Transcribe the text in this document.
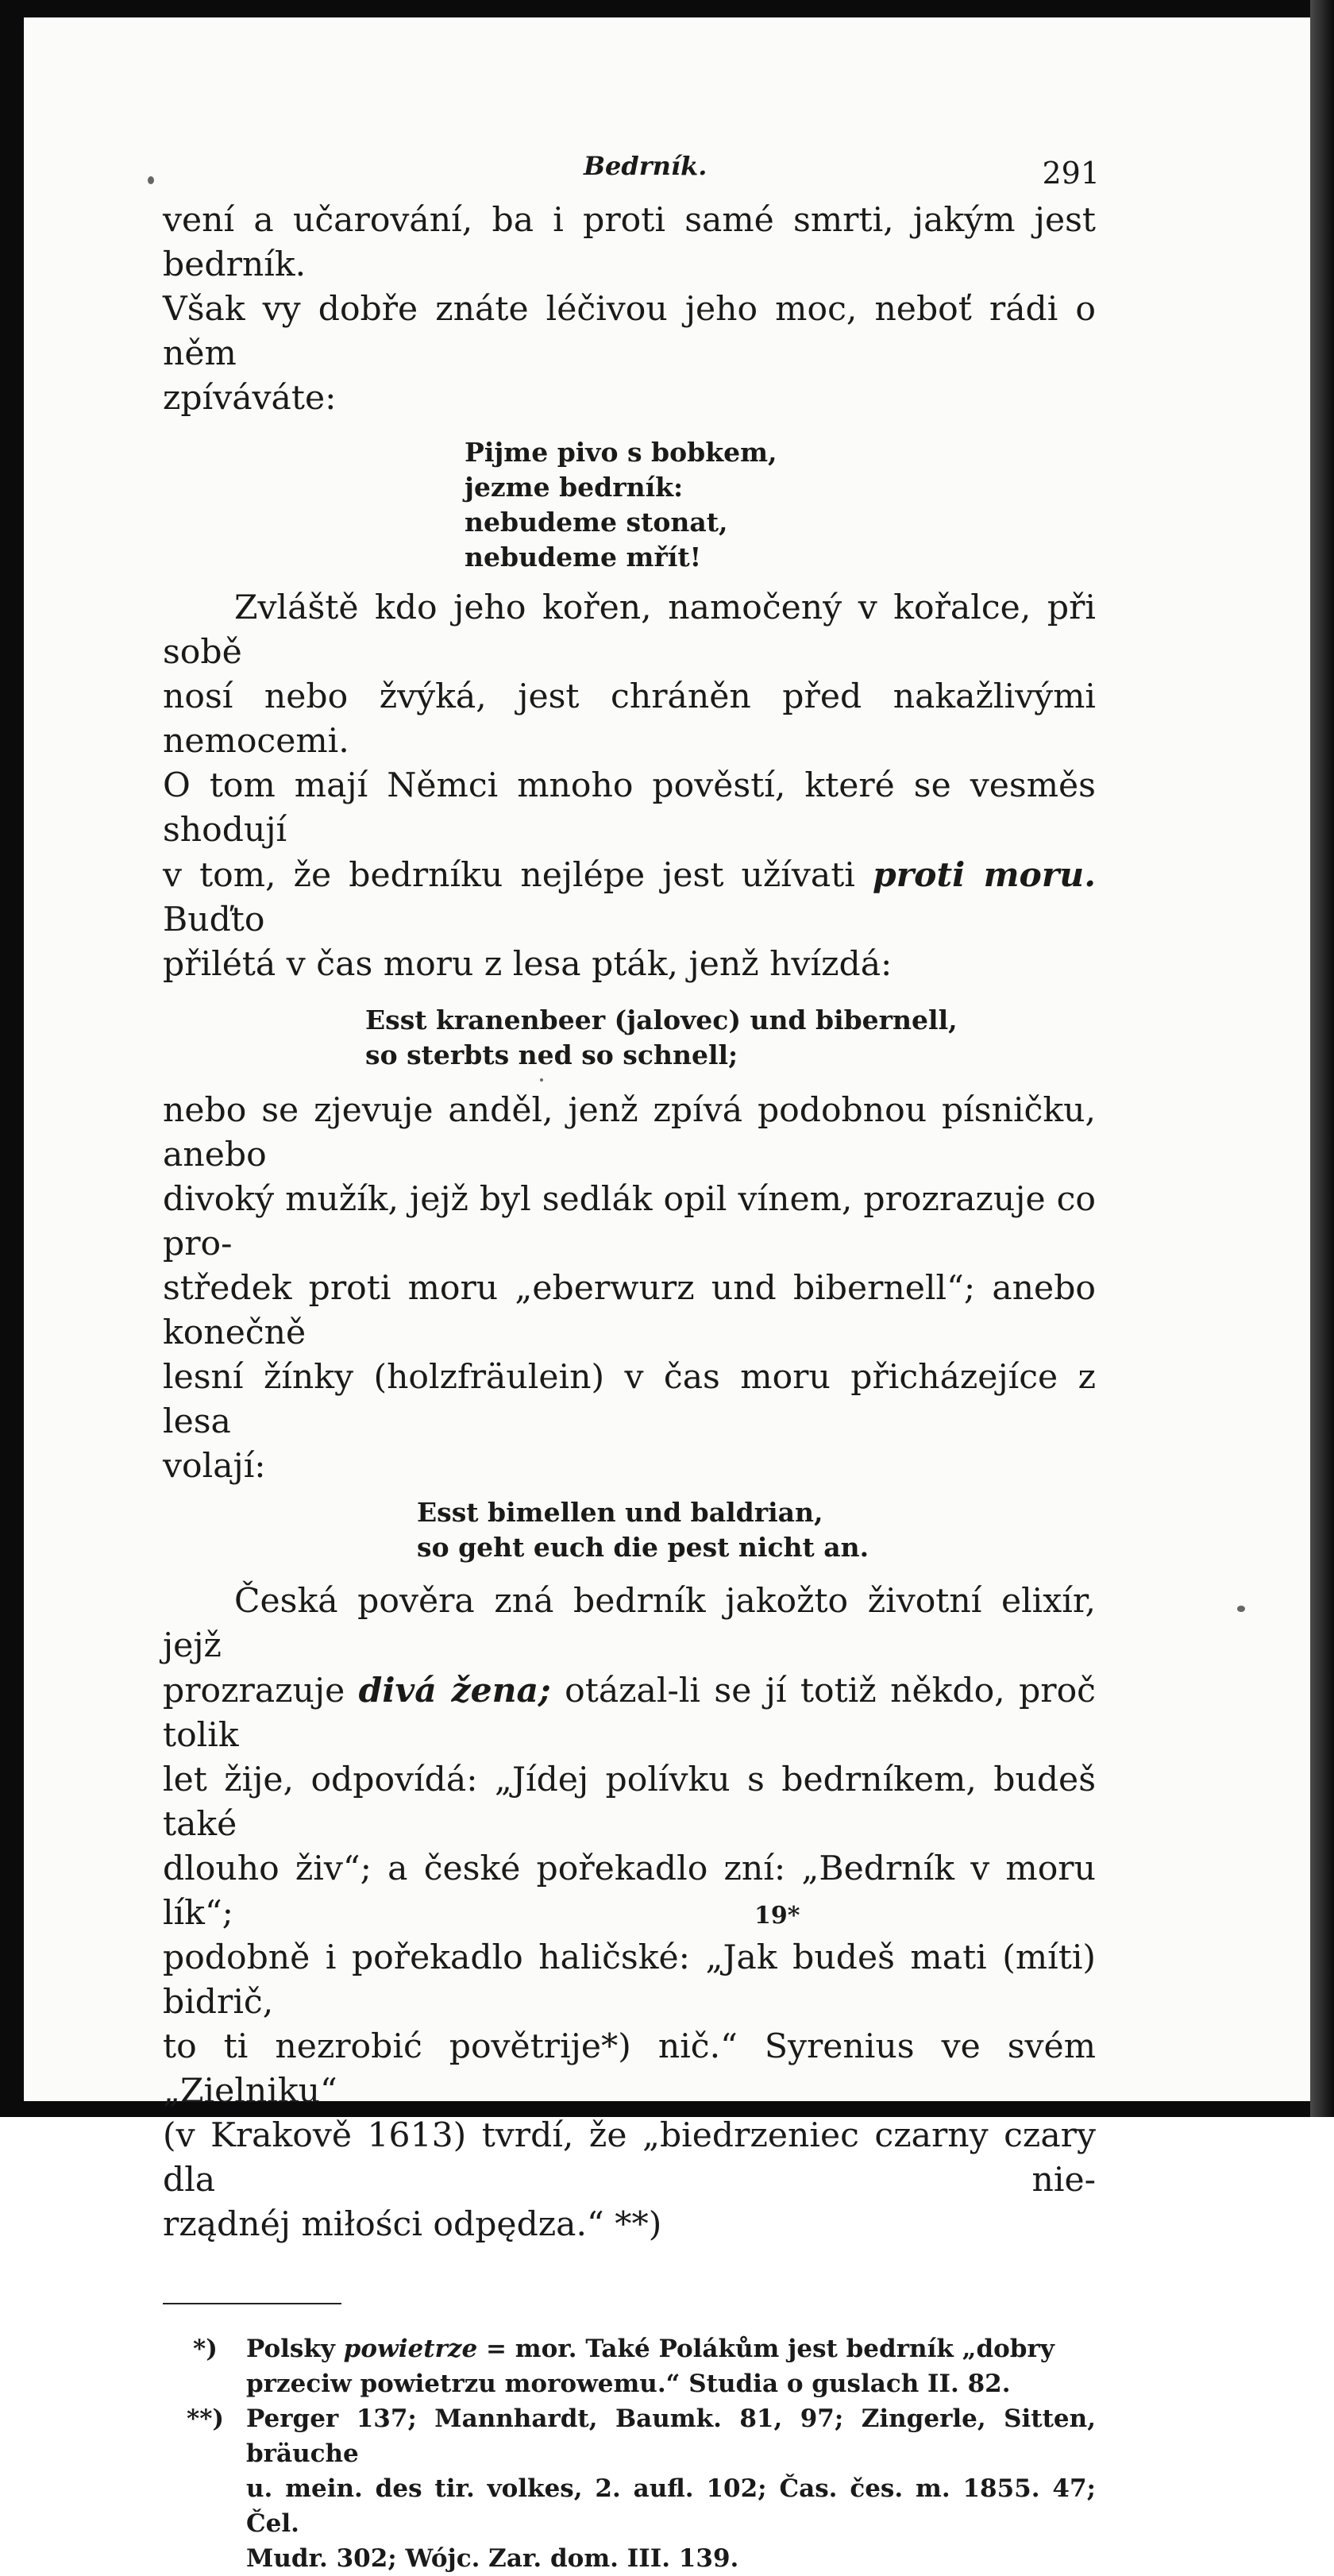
Bedrník.	291

vení a učarování, ba i proti samé smrti, jakým jest bedrník.

Však vy dobře znáte léčivou jeho moc, neboť rádi o něm

zpíváváte:

Pijme pivo s bobkem,
jezme bedrník:
nebudeme stonat,
nebudeme mřít!

Zvláště kdo jeho kořen, namočený v kořalce, při sobě

nosí nebo žvýká, jest chráněn před nakažlivými nemocemi.

O tom mají Němci mnoho pověstí, které se vesměs shodují

v tom, že bedrníku nejlépe jest užívati proti moru. Buďto

přilétá v čas moru z lesa pták, jenž hvízdá:

Esst kranenbeer (jalovec) und bibernell,
so sterbts ned so schnell;

nebo se zjevuje anděl, jenž zpívá podobnou písničku, anebo

divoký mužík, jejž byl sedlák opil vínem, prozrazuje co pro-

středek proti moru „eberwurz und bibernell“; anebo konečně

lesní žínky (holzfräulein) v čas moru přicházejíce z lesa

volají:

Esst bimellen und baldrian,
so geht euch die pest nicht an.

Česká pověra zná bedrník jakožto životní elixír, jejž

prozrazuje divá žena; otázal-li se jí totiž někdo, proč tolik

let žije, odpovídá: „Jídej polívku s bedrníkem, budeš také

dlouho živ“; a české pořekadlo zní: „Bedrník v moru lík“;

podobně i pořekadlo haličské: „Jak budeš mati (míti) bidrič,

to ti nezrobić povětrije*) nič.“ Syrenius ve svém „Zielniku“

(v Krakově 1613) tvrdí, že „biedrzeniec czarny czary dla nie-

rządnéj miłości odpędza.“ **)

*) Polsky powietrze = mor. Také Polákům jest bedrník „dobry
przeciw powietrzu morowemu.“ Studia o guslach II. 82.
**) Perger 137; Mannhardt, Baumk. 81, 97; Zingerle, Sitten, bräuche
u. mein. des tir. volkes, 2. aufl. 102; Čas. čes. m. 1855. 47; Čel.
Mudr. 302; Wójc. Zar. dom. III. 139.
19*
